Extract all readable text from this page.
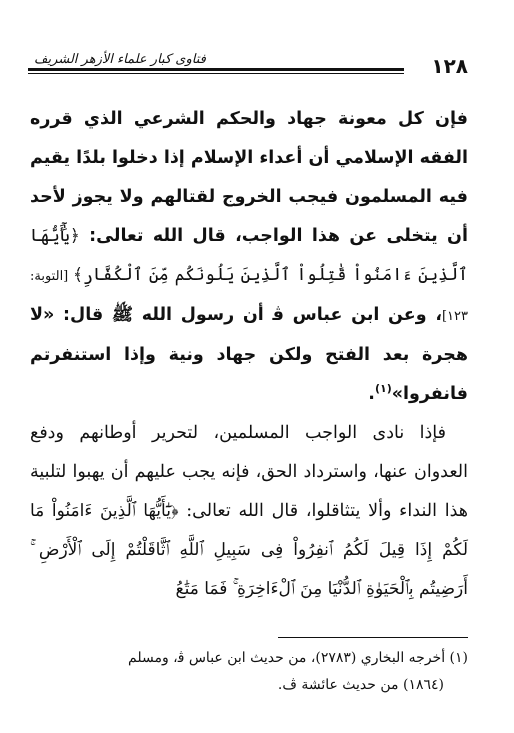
فتاوى كبار علماء الأزهر الشريف	١٢٨

فإن كل معونة جهاد والحكم الشرعي الذي قرره الفقه الإسلامي أن أعداء الإسلام إذا دخلوا بلدًا يقيم فيه المسلمون فيجب الخروج لقتالهم ولا يجوز لأحد أن يتخلى عن هذا الواجب، قال الله تعالى: ﴿يَٰٓأَيُّهَا ٱلَّذِينَ ءَامَنُواْ قَٰتِلُواْ ٱلَّذِينَ يَلُونَكُم مِّنَ ٱلْكُفَّارِ﴾ [التوبة: ١٢٣]، وعن ابن عباس ﭬ أن رسول الله ﷺ قال: «لا هجرة بعد الفتح ولكن جهاد ونية وإذا استنفرتم فانفروا»$^{(١)}$.

فإذا نادى الواجب المسلمين، لتحرير أوطانهم ودفع العدوان عنها، واسترداد الحق، فإنه يجب عليهم أن يهبوا لتلبية هذا النداء وألا يتثاقلوا، قال الله تعالى: ﴿يَٰٓأَيُّهَا ٱلَّذِينَ ءَامَنُواْ مَا لَكُمْ إِذَا قِيلَ لَكُمُ ٱنفِرُواْ فِى سَبِيلِ ٱللَّهِ ٱثَّاقَلْتُمْ إِلَى ٱلْأَرْضِ ۚ أَرَضِيتُم بِٱلْحَيَوٰةِ ٱلدُّنْيَا مِنَ ٱلْءَاخِرَةِ ۚ فَمَا مَتَٰعُ

(١) أخرجه البخاري (٢٧٨٣)، من حديث ابن عباس ﭬ، ومسلم

(١٨٦٤) من حديث عائشة ڤ.
